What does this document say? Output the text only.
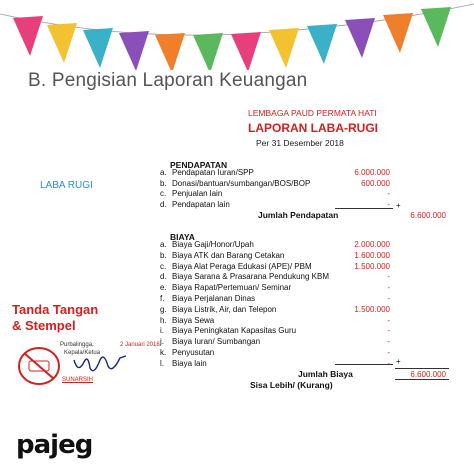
B. Pengisian Laporan Keuangan
LEMBAGA PAUD PERMATA HATI
LAPORAN LABA-RUGI
Per 31 Desember 2018
LABA RUGI
PENDAPATAN
a. Pendapatan Iuran/SPP	6.000.000
b. Donasi/bantuan/sumbangan/BOS/BOP	600.000
c. Penjualan lain	-
d. Pendapatan lain	- +
Jumlah Pendapatan	6.600.000
BIAYA
a. Biaya Gaji/Honor/Upah	2.000.000
b. Biaya ATK dan Barang Cetakan	1.600.000
c. Biaya Alat Peraga Edukasi (APE)/ PBM	1.500.000
d. Biaya Sarana & Prasarana Pendukung KBM	-
e. Biaya Rapat/Pertemuan/ Seminar	-
f. Biaya Perjalanan Dinas	-
g. Biaya Listrik, Air, dan Telepon	1.500.000
h. Biaya Sewa	-
i.	Biaya Peningkatan Kapasitas Guru	-
j.	Biaya Iuran/ Sumbangan	-
k. Penyusutan	-
l.	Biaya lain	- +
Jumlah Biaya	6.600.000
Sisa Lebih/ (Kurang)
Tanda Tangan
& Stempel
Purbalingga,
Kepala/Ketua
2 Januari 2018
SUNARSIH
pajeg
